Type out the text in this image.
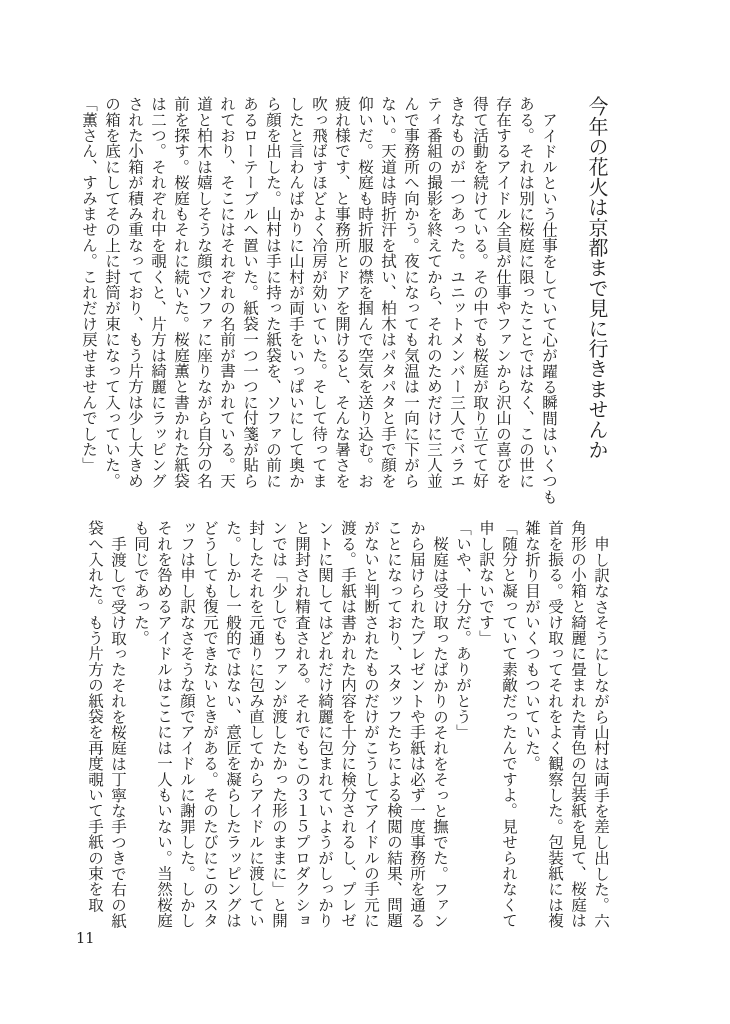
今年の花火は京都まで見に行きませんか

アイドルという仕事をしていて心が躍る瞬間はいくつもある。それは別に桜庭に限ったことではなく、この世に存在するアイドル全員が仕事やファンから沢山の喜びを得て活動を続けている。その中でも桜庭が取り立てて好きなものが一つあった。ユニットメンバー三人でバラエティ番組の撮影を終えてから、それのためだけに三人並んで事務所へ向かう。夜になっても気温は一向に下がらない。天道は時折汗を拭い、柏木はパタパタと手で顔を仰いだ。桜庭も時折服の襟を掴んで空気を送り込む。お疲れ様です、と事務所とドアを開けると、そんな暑さを吹っ飛ばすほどよく冷房が効いていた。そして待ってましたと言わんばかりに山村が両手をいっぱいにして奥から顔を出した。山村は手に持った紙袋を、ソファの前にあるローテーブルへ置いた。紙袋一つ一つに付箋が貼られており、そこにはそれぞれの名前が書かれている。天道と柏木は嬉しそうな顔でソファに座りながら自分の名前を探す。桜庭もそれに続いた。桜庭薫と書かれた紙袋は二つ。それぞれ中を覗くと、片方は綺麗にラッピングされた小箱が積み重なっており、もう片方は少し大きめの箱を底にしてその上に封筒が束になって入っていた。

「薫さん、すみません。これだけ戻せませんでした」

申し訳なさそうにしながら山村は両手を差し出した。六角形の小箱と綺麗に畳まれた青色の包装紙を見て、桜庭は首を振る。受け取ってそれをよく観察した。包装紙には複雑な折り目がいくつもついていた。

「随分と凝っていて素敵だったんですよ。見せられなくて申し訳ないです」

「いや、十分だ。ありがとう」

桜庭は受け取ったばかりのそれをそっと撫でた。ファンから届けられたプレゼントや手紙は必ず一度事務所を通ることになっており、スタッフたちによる検閲の結果、問題がないと判断されたものだけがこうしてアイドルの手元に渡る。手紙は書かれた内容を十分に検分されるし、プレゼントに関してはどれだけ綺麗に包まれていようがしっかりと開封され精査される。それでもこの３１５プロダクションでは「少しでもファンが渡したかった形のままに」と開封したそれを元通りに包み直してからアイドルに渡していた。しかし一般的ではない、意匠を凝らしたラッピングはどうしても復元できないときがある。そのたびにこのスタッフは申し訳なさそうな顔でアイドルに謝罪した。しかしそれを咎めるアイドルはここには一人もいない。当然桜庭も同じであった。

手渡しで受け取ったそれを桜庭は丁寧な手つきで右の紙袋へ入れた。もう片方の紙袋を再度覗いて手紙の束を取

11
